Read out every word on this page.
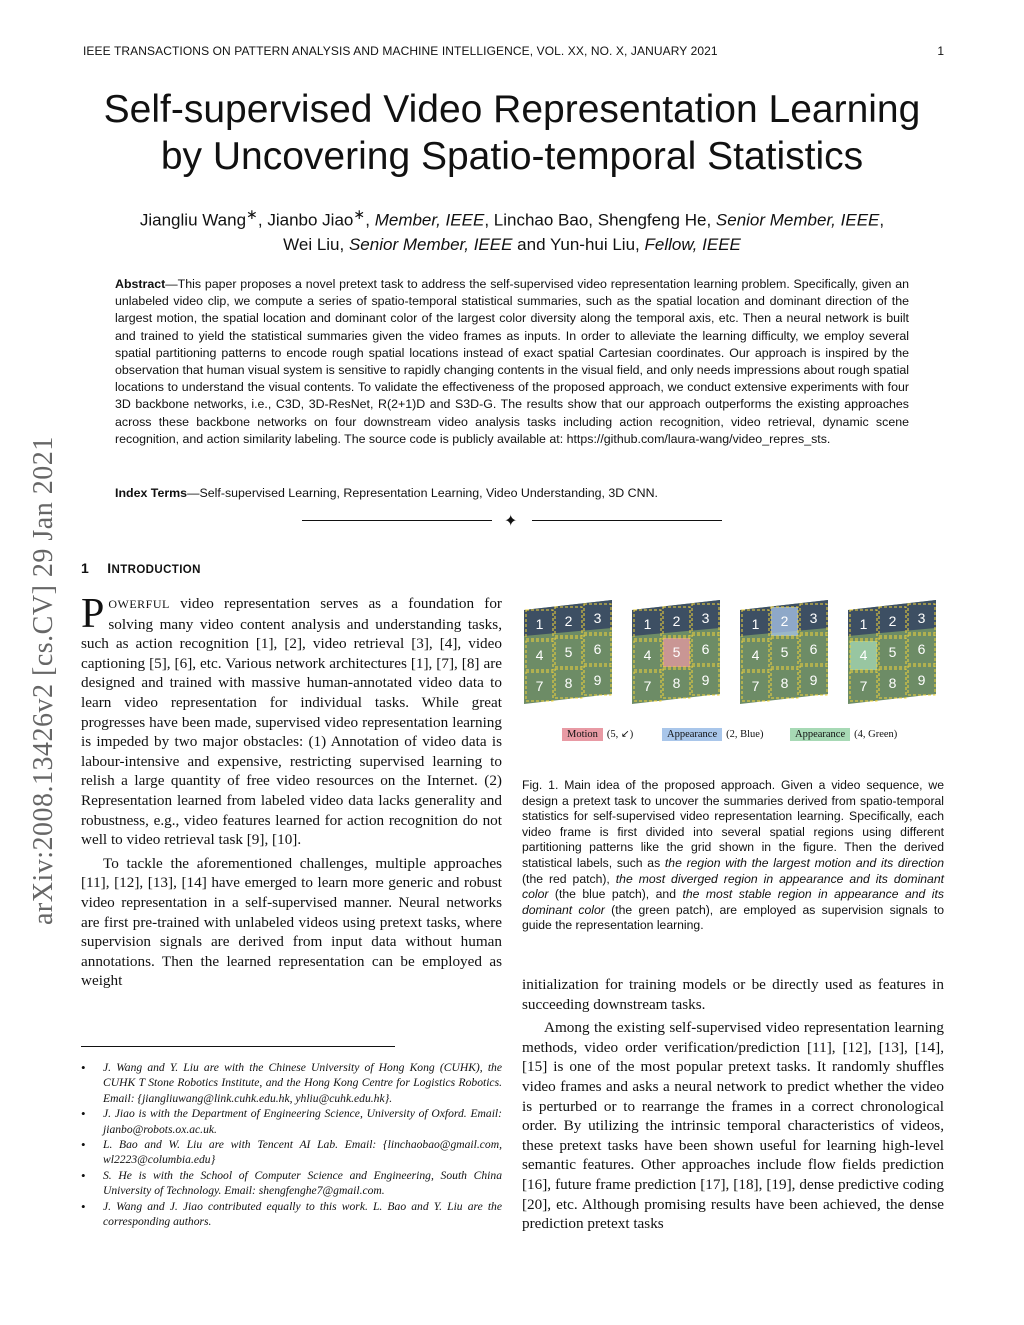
IEEE TRANSACTIONS ON PATTERN ANALYSIS AND MACHINE INTELLIGENCE, VOL. XX, NO. X, JANUARY 2021	1
Self-supervised Video Representation Learning
by Uncovering Spatio-temporal Statistics
Jiangliu Wang∗, Jianbo Jiao∗, Member, IEEE, Linchao Bao, Shengfeng He, Senior Member, IEEE,
Wei Liu, Senior Member, IEEE and Yun-hui Liu, Fellow, IEEE
Abstract—This paper proposes a novel pretext task to address the self-supervised video representation learning problem. Specifically, given an unlabeled video clip, we compute a series of spatio-temporal statistical summaries, such as the spatial location and dominant direction of the largest motion, the spatial location and dominant color of the largest color diversity along the temporal axis, etc. Then a neural network is built and trained to yield the statistical summaries given the video frames as inputs. In order to alleviate the learning difficulty, we employ several spatial partitioning patterns to encode rough spatial locations instead of exact spatial Cartesian coordinates. Our approach is inspired by the observation that human visual system is sensitive to rapidly changing contents in the visual field, and only needs impressions about rough spatial locations to understand the visual contents. To validate the effectiveness of the proposed approach, we conduct extensive experiments with four 3D backbone networks, i.e., C3D, 3D-ResNet, R(2+1)D and S3D-G. The results show that our approach outperforms the existing approaches across these backbone networks on four downstream video analysis tasks including action recognition, video retrieval, dynamic scene recognition, and action similarity labeling. The source code is publicly available at: https://github.com/laura-wang/video_repres_sts.
Index Terms—Self-supervised Learning, Representation Learning, Video Understanding, 3D CNN.
✦
1 INTRODUCTION

POWERFUL video representation serves as a foundation for solving many video content analysis and understanding tasks, such as action recognition [1], [2], video retrieval [3], [4], video captioning [5], [6], etc. Various network architectures [1], [7], [8] are designed and trained with massive human-annotated video data to learn video representation for individual tasks. While great progresses have been made, supervised video representation learning is impeded by two major obstacles: (1) Annotation of video data is labour-intensive and expensive, restricting supervised learning to relish a large quantity of free video resources on the Internet. (2) Representation learned from labeled video data lacks generality and robustness, e.g., video features learned for action recognition do not well to video retrieval task [9], [10].

To tackle the aforementioned challenges, multiple approaches [11], [12], [13], [14] have emerged to learn more generic and robust video representation in a self-supervised manner. Neural networks are first pre-trained with unlabeled videos using pretext tasks, where supervision signals are derived from input data without human annotations. Then the learned representation can be employed as weight

arXiv:2008.13426v2 [cs.CV] 29 Jan 2021
• J. Wang and Y. Liu are with the Chinese University of Hong Kong (CUHK), the CUHK T Stone Robotics Institute, and the Hong Kong Centre for Logistics Robotics. Email: {jiangliuwang@link.cuhk.edu.hk, yhliu@cuhk.edu.hk}.
• J. Jiao is with the Department of Engineering Science, University of Oxford. Email: jianbo@robots.ox.ac.uk.
• L. Bao and W. Liu are with Tencent AI Lab. Email: {linchaobao@gmail.com, wl2223@columbia.edu}
• S. He is with the School of Computer Science and Engineering, South China University of Technology. Email: shengfenghe7@gmail.com.
• J. Wang and J. Jiao contributed equally to this work. L. Bao and Y. Liu are the corresponding authors.
1 2 3
4 5 6
7 8 9
1 2 3
4 5 6
7 8 9
1 2 3
4 5 6
7 8 9
1 2 3
4 5 6
7 8 9
Motion (5, ↙)	Appearance (2, Blue)	Appearance (4, Green)
Fig. 1. Main idea of the proposed approach. Given a video sequence, we design a pretext task to uncover the summaries derived from spatio-temporal statistics for self-supervised video representation learning. Specifically, each video frame is first divided into several spatial regions using different partitioning patterns like the grid shown in the figure. Then the derived statistical labels, such as the region with the largest motion and its direction (the red patch), the most diverged region in appearance and its dominant color (the blue patch), and the most stable region in appearance and its dominant color (the green patch), are employed as supervision signals to guide the representation learning.

initialization for training models or be directly used as features in succeeding downstream tasks.

Among the existing self-supervised video representation learning methods, video order verification/prediction [11], [12], [13], [14], [15] is one of the most popular pretext tasks. It randomly shuffles video frames and asks a neural network to predict whether the video is perturbed or to rearrange the frames in a correct chronological order. By utilizing the intrinsic temporal characteristics of videos, these pretext tasks have been shown useful for learning high-level semantic features. Other approaches include flow fields prediction [16], future frame prediction [17], [18], [19], dense predictive coding [20], etc. Although promising results have been achieved, the dense prediction pretext tasks
